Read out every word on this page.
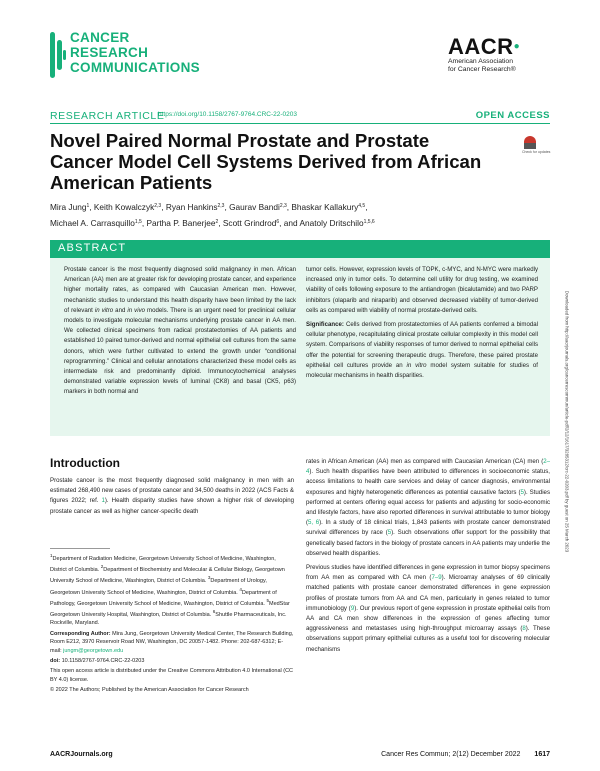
CANCER
RESEARCH
COMMUNICATIONS
AACR●
American Association
for Cancer Research®
RESEARCH ARTICLE
https://doi.org/10.1158/2767-9764.CRC-22-0203	OPEN ACCESS
Check for updates
Novel Paired Normal Prostate and Prostate Cancer Model Cell Systems Derived from African American Patients
Mira Jung$^1$, Keith Kowalczyk$^{2,3}$, Ryan Hankins$^{2,3}$, Gaurav Bandi$^{2,3}$, Bhaskar Kallakury$^{4,5}$,
Michael A. Carrasquillo$^{1,5}$, Partha P. Banerjee$^2$, Scott Grindrod$^6$, and Anatoly Dritschilo$^{1,5,6}$
ABSTRACT
Prostate cancer is the most frequently diagnosed solid malignancy in men. African American (AA) men are at greater risk for developing prostate cancer, and experience higher mortality rates, as compared with Caucasian American men. However, mechanistic studies to understand this health disparity have been limited by the lack of relevant in vitro and in vivo models. There is an urgent need for preclinical cellular models to investigate molecular mechanisms underlying prostate cancer in AA men. We collected clinical specimens from radical prostatectomies of AA patients and established 10 paired tumor-derived and normal epithelial cell cultures from the same donors, which were further cultivated to extend the growth under “conditional reprogramming.” Clinical and cellular annotations characterized these model cells as intermediate risk and predominantly diploid. Immunocytochemical analyses demonstrated variable expression levels of luminal (CK8) and basal (CK5, p63) markers in both normal and

tumor cells. However, expression levels of TOPK, c-MYC, and N-MYC were markedly increased only in tumor cells. To determine cell utility for drug testing, we examined viability of cells following exposure to the antiandrogen (bicalutamide) and two PARP inhibitors (olaparib and niraparib) and observed decreased viability of tumor-derived cells as compared with viability of normal prostate-derived cells.

Significance: Cells derived from prostatectomies of AA patients conferred a bimodal cellular phenotype, recapitulating clinical prostate cellular complexity in this model cell system. Comparisons of viability responses of tumor derived to normal epithelial cells offer the potential for screening therapeutic drugs. Therefore, these paired prostate epithelial cell cultures provide an in vitro model system suitable for studies of molecular mechanisms in health disparities.

Introduction
Prostate cancer is the most frequently diagnosed solid malignancy in men with an estimated 268,490 new cases of prostate cancer and 34,500 deaths in 2022 (ACS Facts & figures 2022; ref. 1). Health disparity studies have shown a higher risk of developing prostate cancer as well as higher cancer-specific death

$^1$Department of Radiation Medicine, Georgetown University School of Medicine, Washington, District of Columbia. $^2$Department of Biochemistry and Molecular & Cellular Biology, Georgetown University School of Medicine, Washington, District of Columbia. $^3$Department of Urology, Georgetown University School of Medicine, Washington, District of Columbia. $^4$Department of Pathology, Georgetown University School of Medicine, Washington, District of Columbia. $^5$MedStar Georgetown University Hospital, Washington, District of Columbia. $^6$Shuttle Pharmaceuticals, Inc. Rockville, Maryland.

Corresponding Author: Mira Jung, Georgetown University Medical Center, The Research Building, Room E212, 3970 Reservoir Road NW, Washington, DC 20057-1482. Phone: 202-687-6312; E-mail: jungm@georgetown.edu

doi: 10.1158/2767-9764.CRC-22-0203

This open access article is distributed under the Creative Commons Attribution 4.0 International (CC BY 4.0) license.

© 2022 The Authors; Published by the American Association for Cancer Research

rates in African American (AA) men as compared with Caucasian American (CA) men (2–4). Such health disparities have been attributed to differences in socioeconomic status, access limitations to health care services and delay of cancer diagnosis, environmental exposures and highly heterogenetic differences as potential causative factors (5). Studies performed at centers offering equal access for patients and adjusting for socio-economic and lifestyle factors, have also reported differences in survival attributable to tumor biology (5, 6). In a study of 18 clinical trials, 1,843 patients with prostate cancer demonstrated survival differences by race (5). Such observations offer support for the possibility that genetically based factors in the biology of prostate cancers in AA patients may underlie the observed health disparities.

Previous studies have identified differences in gene expression in tumor biopsy specimens from AA men as compared with CA men (7–9). Microarray analyses of 69 clinically matched patients with prostate cancer demonstrated differences in gene expression profiles of prostate tumors from AA and CA men, particularly in genes related to tumor immunobiology (9). Our previous report of gene expression in prostate epithelial cells from AA and CA men show differences in the expression of genes affecting tumor aggressiveness and metastases using high-throughput microarray assays (8). These observations support primary epithelial cultures as a useful tool for discovering molecular mechanisms

Downloaded from http://aacrjournals.org/cancerrescommun/article-pdf/2/12/1617/3285312/crc-22-0203.pdf by guest on 25 March 2023
AACRJournals.org	Cancer Res Commun; 2(12) December 2022 1617
